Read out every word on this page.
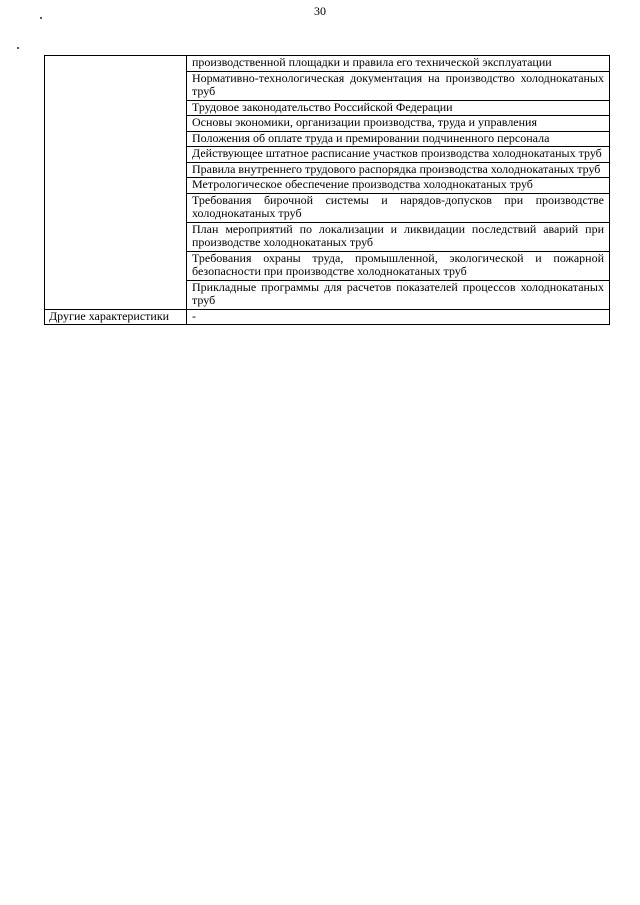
30

	производственной площадки и правила его технической эксплуатации

	Нормативно-технологическая документация на производство холоднокатаных труб

	Трудовое законодательство Российской Федерации

	Основы экономики, организации производства, труда и управления

	Положения об оплате труда и премировании подчиненного персонала

	Действующее штатное расписание участков производства холоднокатаных труб

	Правила внутреннего трудового распорядка производства холоднокатаных труб

	Метрологическое обеспечение производства холоднокатаных труб

	Требования бирочной системы и нарядов-допусков при производстве холоднокатаных труб

	План мероприятий по локализации и ликвидации последствий аварий при производстве холоднокатаных труб

	Требования охраны труда, промышленной, экологической и пожарной безопасности при производстве холоднокатаных труб

	Прикладные программы для расчетов показателей процессов холоднокатаных труб

Другие характеристики	-
